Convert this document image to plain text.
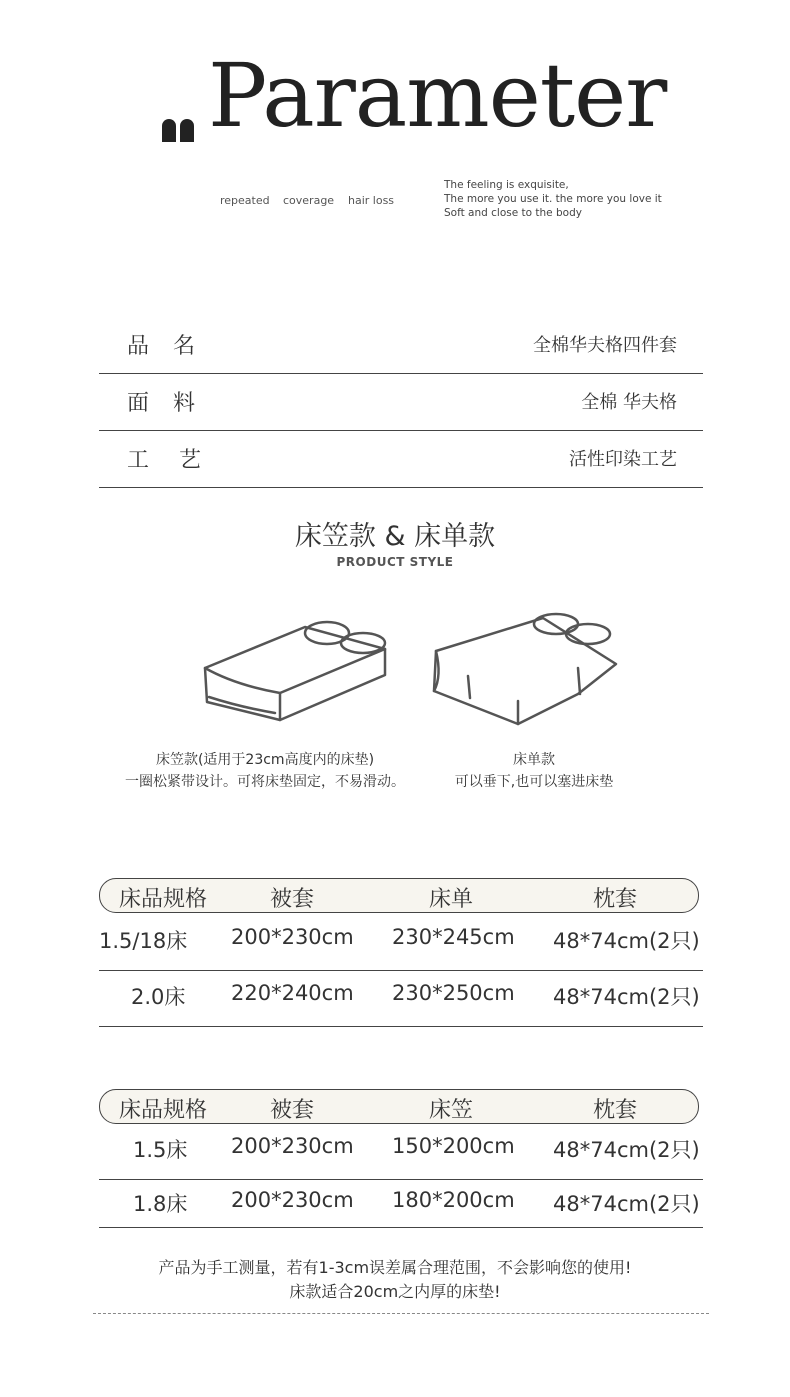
Parameter
repeated coverage hair loss
The feeling is exquisite,
The more you use it. the more you love it
Soft and close to the body
品 名	全棉华夫格四件套
面 料	全棉 华夫格
工 艺	活性印染工艺
床笠款 & 床单款
PRODUCT STYLE
床笠款(适用于23cm高度内的床垫)
一圈松紧带设计。可将床垫固定，不易滑动。
床单款
可以垂下,也可以塞进床垫
床品规格	被套	床单	枕套
1.5/18床 200*230cm 230*245cm 48*74cm(2只)
2.0床 220*240cm 230*250cm 48*74cm(2只)
床品规格	被套	床笠	枕套
1.5床 200*230cm 150*200cm 48*74cm(2只)
1.8床 200*230cm 180*200cm 48*74cm(2只)
产品为手工测量，若有1-3cm误差属合理范围，不会影响您的使用!
床款适合20cm之内厚的床垫!
